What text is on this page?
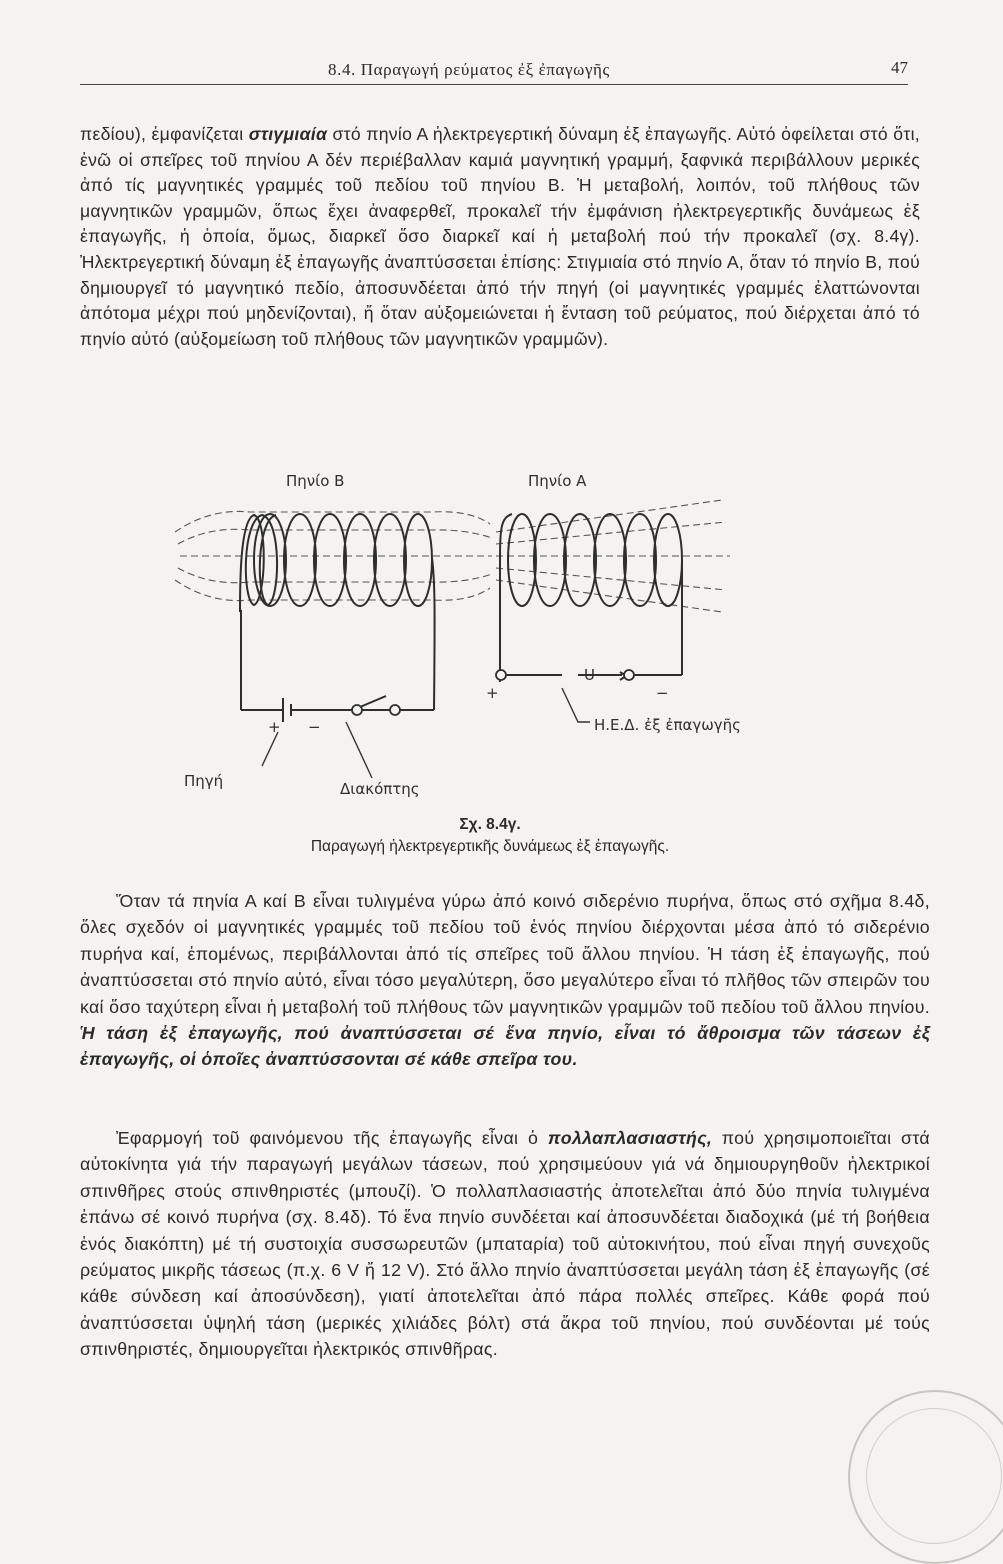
8.4. Παραγωγή ρεύματος ἐξ ἐπαγωγῆς	47

πεδίου), ἐμφανίζεται στιγμιαία στό πηνίο Α ἠλεκτρεγερτική δύναμη ἐξ ἐπαγωγῆς. Αὐτό ὀφείλεται στό ὅτι, ἐνῶ οἱ σπεῖρες τοῦ πηνίου Α δέν περιέβαλλαν καμιά μαγνητική γραμμή, ξαφνικά περιβάλλουν μερικές ἀπό τίς μαγνητικές γραμμές τοῦ πεδίου τοῦ πηνίου Β. Ἡ μεταβολή, λοιπόν, τοῦ πλήθους τῶν μαγνητικῶν γραμμῶν, ὅπως ἔχει ἀναφερθεῖ, προκαλεῖ τήν ἐμφάνιση ἠλεκτρεγερτικῆς δυνάμεως ἐξ ἐπαγωγῆς, ἡ ὁποία, ὅμως, διαρκεῖ ὅσο διαρκεῖ καί ἡ μεταβολή πού τήν προκαλεῖ (σχ. 8.4γ). Ἠλεκτρεγερτική δύναμη ἐξ ἐπαγωγῆς ἀναπτύσσεται ἐπίσης: Στιγμιαία στό πηνίο Α, ὅταν τό πηνίο Β, πού δημιουργεῖ τό μαγνητικό πεδίο, ἀποσυνδέεται ἀπό τήν πηγή (οἱ μαγνητικές γραμμές ἐλαττώνονται ἀπότομα μέχρι πού μηδενίζονται), ἤ ὅταν αὐξομειώνεται ἡ ἔνταση τοῦ ρεύματος, πού διέρχεται ἀπό τό πηνίο αὐτό (αὐξομείωση τοῦ πλήθους τῶν μαγνητικῶν γραμμῶν).

Πηνίο Β	Πηνίο Α
+ −
Πηγή	Διακόπτης
U
+	−
Η.Ε.Δ. ἐξ ἐπαγωγῆς
Σχ. 8.4γ.
Παραγωγή ἠλεκτρεγερτικῆς δυνάμεως ἐξ ἐπαγωγῆς.

Ὅταν τά πηνία Α καί Β εἶναι τυλιγμένα γύρω ἀπό κοινό σιδερένιο πυρήνα, ὅπως στό σχῆμα 8.4δ, ὅλες σχεδόν οἱ μαγνητικές γραμμές τοῦ πεδίου τοῦ ἑνός πηνίου διέρχονται μέσα ἀπό τό σιδερένιο πυρήνα καί, ἑπομένως, περιβάλλονται ἀπό τίς σπεῖρες τοῦ ἄλλου πηνίου. Ἡ τάση ἐξ ἐπαγωγῆς, πού ἀναπτύσσεται στό πηνίο αὐτό, εἶναι τόσο μεγαλύτερη, ὅσο μεγαλύτερο εἶναι τό πλῆθος τῶν σπειρῶν του καί ὅσο ταχύτερη εἶναι ἡ μεταβολή τοῦ πλήθους τῶν μαγνητικῶν γραμμῶν τοῦ πεδίου τοῦ ἄλλου πηνίου. Ἡ τάση ἐξ ἐπαγωγῆς, πού ἀναπτύσσεται σέ ἕνα πηνίο, εἶναι τό ἄθροισμα τῶν τάσεων ἐξ ἐπαγωγῆς, οἱ ὁποῖες ἀναπτύσσονται σέ κάθε σπεῖρα του.

Ἐφαρμογή τοῦ φαινόμενου τῆς ἐπαγωγῆς εἶναι ὁ πολλαπλασιαστής, πού χρησιμοποιεῖται στά αὐτοκίνητα γιά τήν παραγωγή μεγάλων τάσεων, πού χρησιμεύουν γιά νά δημιουργηθοῦν ἠλεκτρικοί σπινθῆρες στούς σπινθηριστές (μπουζί). Ὁ πολλαπλασιαστής ἀποτελεῖται ἀπό δύο πηνία τυλιγμένα ἐπάνω σέ κοινό πυρήνα (σχ. 8.4δ). Τό ἕνα πηνίο συνδέεται καί ἀποσυνδέεται διαδοχικά (μέ τή βοήθεια ἑνός διακόπτη) μέ τή συστοιχία συσσωρευτῶν (μπαταρία) τοῦ αὐτοκινήτου, πού εἶναι πηγή συνεχοῦς ρεύματος μικρῆς τάσεως (π.χ. 6 V ἤ 12 V). Στό ἄλλο πηνίο ἀναπτύσσεται μεγάλη τάση ἐξ ἐπαγωγῆς (σέ κάθε σύνδεση καί ἀποσύνδεση), γιατί ἀποτελεῖται ἀπό πάρα πολλές σπεῖρες. Κάθε φορά πού ἀναπτύσσεται ὑψηλή τάση (μερικές χιλιάδες βόλτ) στά ἄκρα τοῦ πηνίου, πού συνδέονται μέ τούς σπινθηριστές, δημιουργεῖται ἠλεκτρικός σπινθῆρας.
